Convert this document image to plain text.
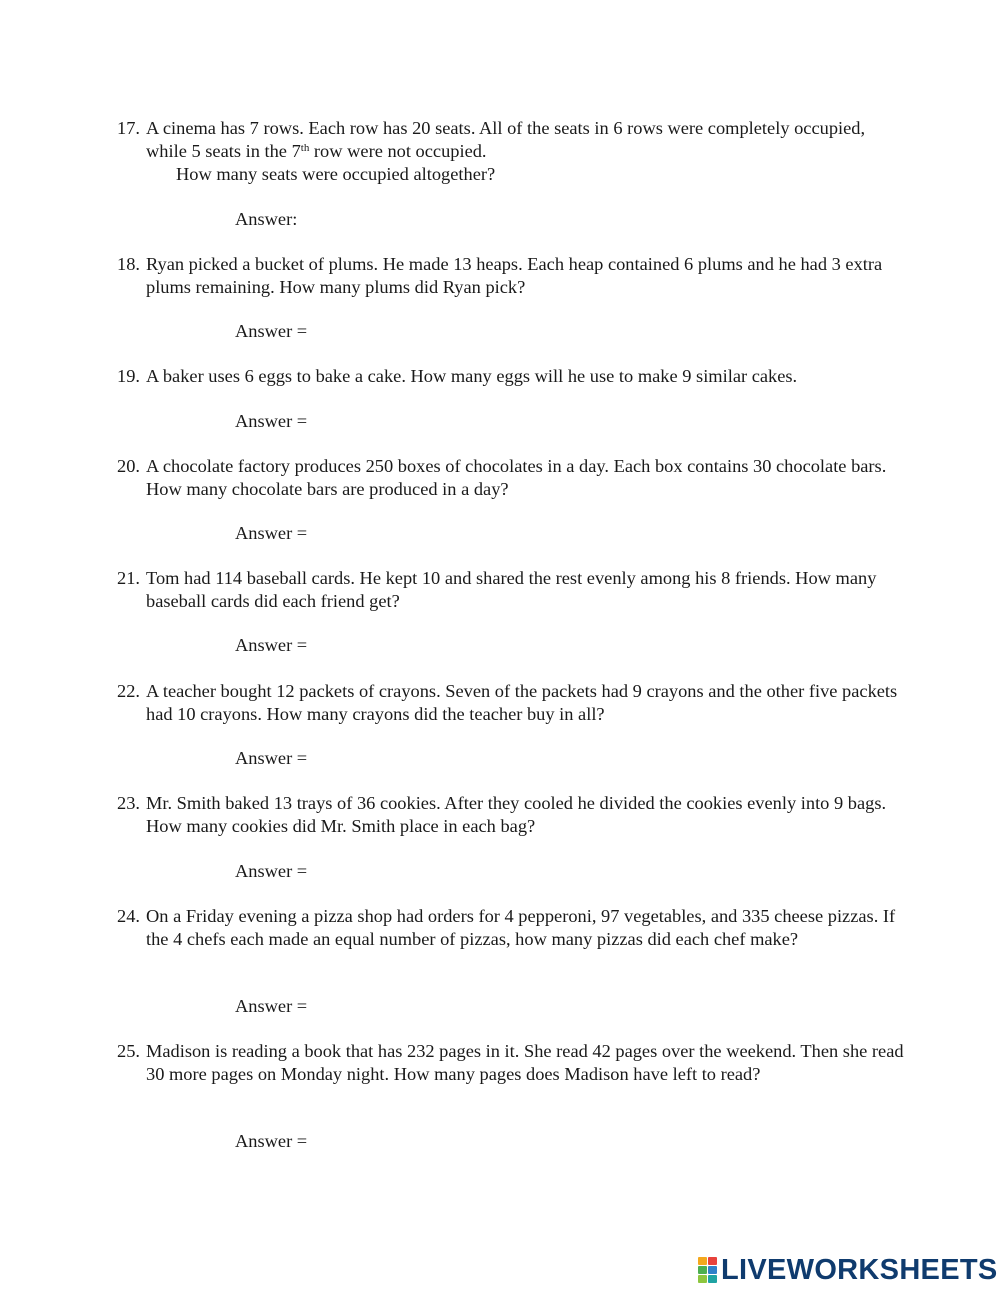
17. A cinema has 7 rows. Each row has 20 seats. All of the seats in 6 rows were completely occupied, while 5 seats in the 7th row were not occupied.
How many seats were occupied altogether?
Answer:
18. Ryan picked a bucket of plums. He made 13 heaps. Each heap contained 6 plums and he had 3 extra plums remaining. How many plums did Ryan pick?
Answer =
19. A baker uses 6 eggs to bake a cake. How many eggs will he use to make 9 similar cakes.
Answer =
20. A chocolate factory produces 250 boxes of chocolates in a day. Each box contains 30 chocolate bars. How many chocolate bars are produced in a day?
Answer =
21. Tom had 114 baseball cards. He kept 10 and shared the rest evenly among his 8 friends. How many baseball cards did each friend get?
Answer =
22. A teacher bought 12 packets of crayons. Seven of the packets had 9 crayons and the other five packets had 10 crayons. How many crayons did the teacher buy in all?
Answer =
23. Mr. Smith baked 13 trays of 36 cookies. After they cooled he divided the cookies evenly into 9 bags. How many cookies did Mr. Smith place in each bag?
Answer =
24. On a Friday evening a pizza shop had orders for 4 pepperoni, 97 vegetables, and 335 cheese pizzas. If the 4 chefs each made an equal number of pizzas, how many pizzas did each chef make?
Answer =
25. Madison is reading a book that has 232 pages in it. She read 42 pages over the weekend. Then she read 30 more pages on Monday night. How many pages does Madison have left to read?
Answer =
LIVEWORKSHEETS
